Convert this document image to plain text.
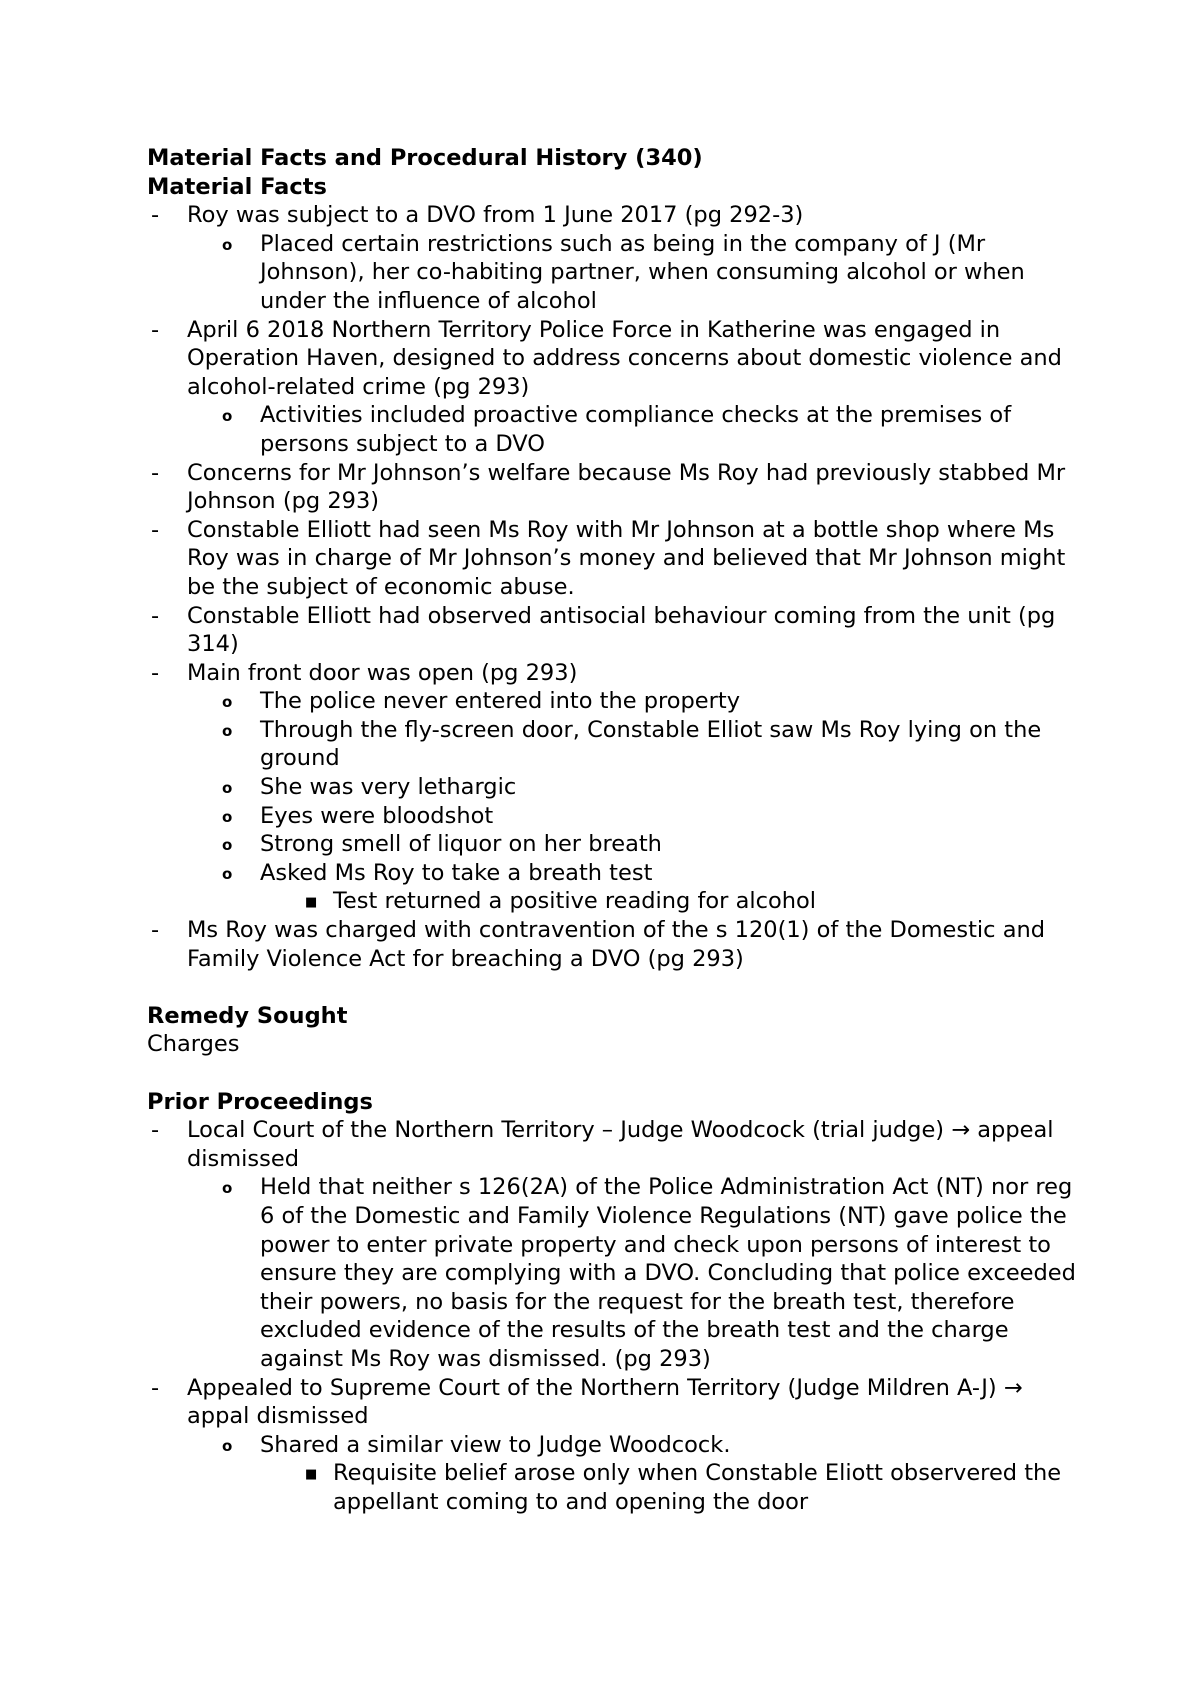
Material Facts and Procedural History (340)
Material Facts
-	Roy was subject to a DVO from 1 June 2017 (pg 292-3)
o	Placed certain restrictions such as being in the company of J (Mr Johnson), her co-habiting partner, when consuming alcohol or when under the influence of alcohol
-	April 6 2018 Northern Territory Police Force in Katherine was engaged in Operation Haven, designed to address concerns about domestic violence and alcohol-related crime (pg 293)
o	Activities included proactive compliance checks at the premises of persons subject to a DVO
-	Concerns for Mr Johnson’s welfare because Ms Roy had previously stabbed Mr Johnson (pg 293)
-	Constable Elliott had seen Ms Roy with Mr Johnson at a bottle shop where Ms Roy was in charge of Mr Johnson’s money and believed that Mr Johnson might be the subject of economic abuse.
-	Constable Elliott had observed antisocial behaviour coming from the unit (pg 314)
-	Main front door was open (pg 293)
o	The police never entered into the property
o	Through the fly-screen door, Constable Elliot saw Ms Roy lying on the ground
o	She was very lethargic
o	Eyes were bloodshot
o	Strong smell of liquor on her breath
o	Asked Ms Roy to take a breath test
■ Test returned a positive reading for alcohol
-	Ms Roy was charged with contravention of the s 120(1) of the Domestic and Family Violence Act for breaching a DVO (pg 293)
Remedy Sought
Charges
Prior Proceedings
-	Local Court of the Northern Territory – Judge Woodcock (trial judge) → appeal dismissed
o	Held that neither s 126(2A) of the Police Administration Act (NT) nor reg 6 of the Domestic and Family Violence Regulations (NT) gave police the power to enter private property and check upon persons of interest to ensure they are complying with a DVO. Concluding that police exceeded their powers, no basis for the request for the breath test, therefore excluded evidence of the results of the breath test and the charge against Ms Roy was dismissed. (pg 293)
-	Appealed to Supreme Court of the Northern Territory (Judge Mildren A-J) → appal dismissed
o	Shared a similar view to Judge Woodcock.
■ Requisite belief arose only when Constable Eliott observered the appellant coming to and opening the door
